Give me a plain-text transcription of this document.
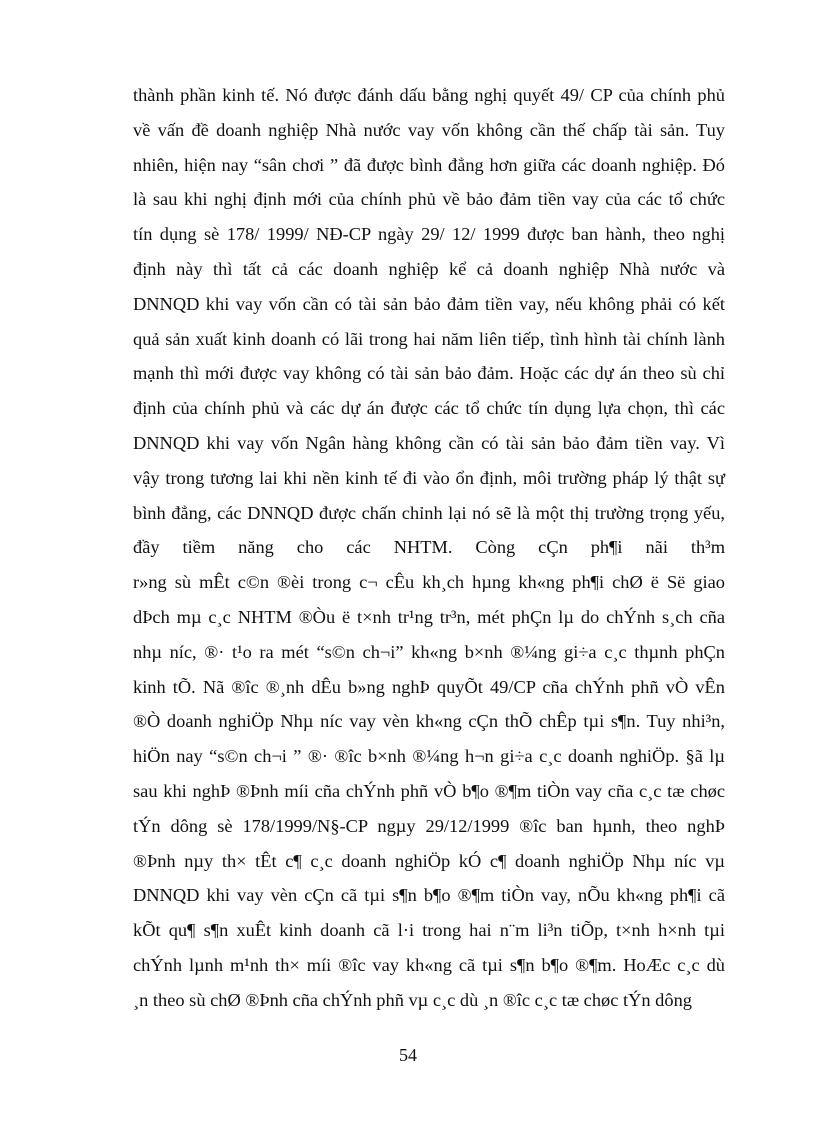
thành phần kinh tế. Nó được đánh dấu bằng nghị quyết 49/ CP của chính phủ
về vấn đề doanh nghiệp Nhà nước vay vốn không cần thế chấp tài sản. Tuy
nhiên, hiện nay “sân chơi ” đã được bình đẳng hơn giữa các doanh nghiệp. Đó
là sau khi nghị định mới của chính phủ về bảo đảm tiền vay của các tổ chức
tín dụng sè 178/ 1999/ NĐ-CP ngày 29/ 12/ 1999 được ban hành, theo nghị
định này thì tất cả các doanh nghiệp kể cả doanh nghiệp Nhà nước và
DNNQD khi vay vốn cần có tài sản bảo đảm tiền vay, nếu không phải có kết
quả sản xuất kinh doanh có lãi trong hai năm liên tiếp, tình hình tài chính lành
mạnh thì mới được vay không có tài sản bảo đảm. Hoặc các dự án theo sù chỉ
định của chính phủ và các dự án được các tổ chức tín dụng lựa chọn, thì các
DNNQD khi vay vốn Ngân hàng không cần có tài sản bảo đảm tiền vay. Vì
vậy trong tương lai khi nền kinh tế đi vào ổn định, môi trường pháp lý thật sự
bình đẳng, các DNNQD được chấn chỉnh lại nó sẽ là một thị trường trọng yếu,
đầy tiềm năng cho các NHTM. Còng cÇn ph¶i nãi th³m
r»ng sù mÊt c©n ®èi trong c¬ cÊu kh¸ch hµng kh«ng ph¶i chØ ë Së giao
dÞch mµ c¸c NHTM ®Òu ë t×nh tr¹ng tr³n, mét phÇn lµ do chÝnh s¸ch cña
nhµ níc, ®· t¹o ra mét “s©n ch¬i” kh«ng b×nh ®¼ng gi÷a c¸c thµnh phÇn
kinh tÕ. Nã ®îc ®¸nh dÊu b»ng nghÞ quyÕt 49/CP cña chÝnh phñ vÒ vÊn
®Ò doanh nghiÖp Nhµ níc vay vèn kh«ng cÇn thÕ chÊp tµi s¶n. Tuy nhi³n,
hiÖn nay “s©n ch¬i ” ®· ®îc b×nh ®¼ng h¬n gi÷a c¸c doanh nghiÖp. §ã lµ
sau khi nghÞ ®Þnh míi cña chÝnh phñ vÒ b¶o ®¶m tiÒn vay cña c¸c tæ chøc
tÝn dông sè 178/1999/N§-CP ngµy 29/12/1999 ®îc ban hµnh, theo nghÞ
®Þnh nµy th× tÊt c¶ c¸c doanh nghiÖp kÓ c¶ doanh nghiÖp Nhµ níc vµ
DNNQD khi vay vèn cÇn cã tµi s¶n b¶o ®¶m tiÒn vay, nÕu kh«ng ph¶i cã
kÕt qu¶ s¶n xuÊt kinh doanh cã l·i trong hai n¨m li³n tiÕp, t×nh h×nh tµi
chÝnh lµnh m¹nh th× míi ®îc vay kh«ng cã tµi s¶n b¶o ®¶m. HoÆc c¸c dù
¸n theo sù chØ ®Þnh cña chÝnh phñ vµ c¸c dù ¸n ®îc c¸c tæ chøc tÝn dông
54
